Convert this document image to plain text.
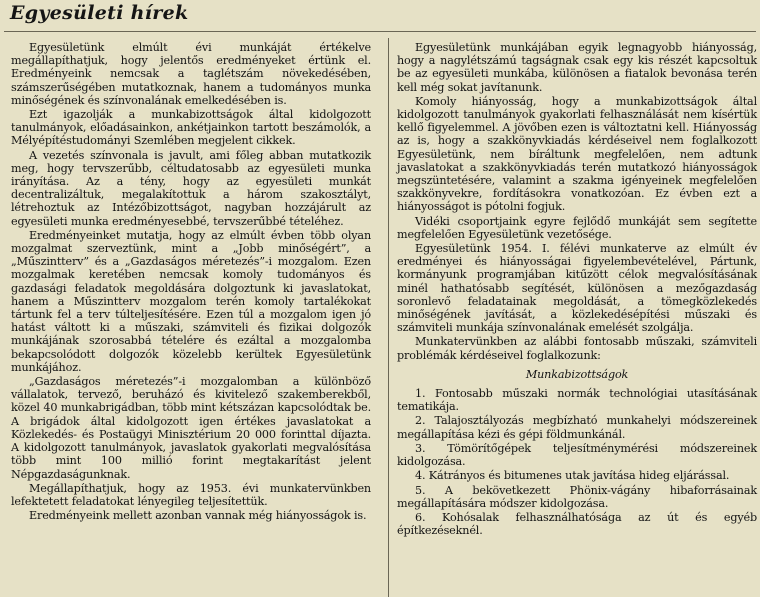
Egyesületi hírek

Egyesületünk elmúlt évi munkáját értékelve megállapíthatjuk, hogy jelentős eredményeket értünk el. Eredményeink nemcsak a taglétszám növekedésében, számszerűségében mutatkoznak, hanem a tudományos munka minőségének és színvonalának emelkedésében is.

Ezt igazolják a munkabizottságok által kidolgozott tanulmányok, előadásainkon, ankétjainkon tartott beszámolók, a Mélyépítéstudományi Szemlében megjelent cikkek.

A vezetés színvonala is javult, ami főleg abban mutatkozik meg, hogy tervszerűbb, céltudatosabb az egyesületi munka irányítása. Az a tény, hogy az egyesületi munkát decentralizáltuk, megalakítottuk a három szakosztályt, létrehoztuk az Intézőbizottságot, nagyban hozzájárult az egyesületi munka eredményesebbé, tervszerűbbé tételéhez.

Eredményeinket mutatja, hogy az elmúlt évben több olyan mozgalmat szerveztünk, mint a „Jobb minőségért”, a „Műszintterv” és a „Gazdaságos méretezés”-i mozgalom. Ezen mozgalmak keretében nemcsak komoly tudományos és gazdasági feladatok megoldására dolgoztunk ki javaslatokat, hanem a Műszintterv mozgalom terén komoly tartalékokat tártunk fel a terv túlteljesítésére. Ezen túl a mozgalom igen jó hatást váltott ki a műszaki, számviteli és fizikai dolgozók munkájának szorosabbá tételére és ezáltal a mozgalomba bekapcsolódott dolgozók közelebb kerültek Egyesületünk munkájához.

„Gazdaságos méretezés”-i mozgalomban a különböző vállalatok, tervező, beruházó és kivitelező szakemberekből, közel 40 munkabrigádban, több mint kétszázan kapcsolódtak be. A brigádok által kidolgozott igen értékes javaslatokat a Közlekedés- és Postaügyi Minisztérium 20 000 forinttal díjazta. A kidolgozott tanulmányok, javaslatok gyakorlati megvalósítása több mint 100 millió forint megtakarítást jelent Népgazdaságunknak.

Megállapíthatjuk, hogy az 1953. évi munkatervünkben lefektetett feladatokat lényegileg teljesítettük.

Eredményeink mellett azonban vannak még hiányosságok is.

Egyesületünk munkájában egyik legnagyobb hiányosság, hogy a nagylétszámú tagságnak csak egy kis részét kapcsoltuk be az egyesületi munkába, különösen a fiatalok bevonása terén kell még sokat javítanunk.

Komoly hiányosság, hogy a munkabizottságok által kidolgozott tanulmányok gyakorlati felhasználását nem kísértük kellő figyelemmel. A jövőben ezen is változtatni kell. Hiányosság az is, hogy a szakkönyvkiadás kérdéseivel nem foglalkozott Egyesületünk, nem bíráltunk megfelelően, nem adtunk javaslatokat a szakkönyvkiadás terén mutatkozó hiányosságok megszüntetésére, valamint a szakma igényeinek megfelelően szakkönyvekre, fordításokra vonatkozóan. Ez évben ezt a hiányosságot is pótolni fogjuk.

Vidéki csoportjaink egyre fejlődő munkáját sem segítette megfelelően Egyesületünk vezetősége.

Egyesületünk 1954. I. félévi munkaterve az elmúlt év eredményei és hiányosságai figyelembevételével, Pártunk, kormányunk programjában kitűzött célok megvalósításának minél hathatósabb segítését, különösen a mezőgazdaság soronlevő feladatainak megoldását, a tömegközlekedés minőségének javítását, a közlekedésépítési műszaki és számviteli munkája színvonalának emelését szolgálja.

Munkatervünkben az alábbi fontosabb műszaki, számviteli problémák kérdéseivel foglalkozunk:

Munkabizottságok

1. Fontosabb műszaki normák technológiai utasításának tematikája.
2. Talajosztályozás megbízható munkahelyi módszereinek megállapítása kézi és gépi földmunkánál.
3. Tömörítőgépek teljesítménymérési módszereinek kidolgozása.
4. Kátrányos és bitumenes utak javítása hideg eljárással.
5. A bekövetkezett Phönix-vágány hibaforrásainak megállapítására módszer kidolgozása.
6. Kohósalak felhasználhatósága az út és egyéb építkezéseknél.
